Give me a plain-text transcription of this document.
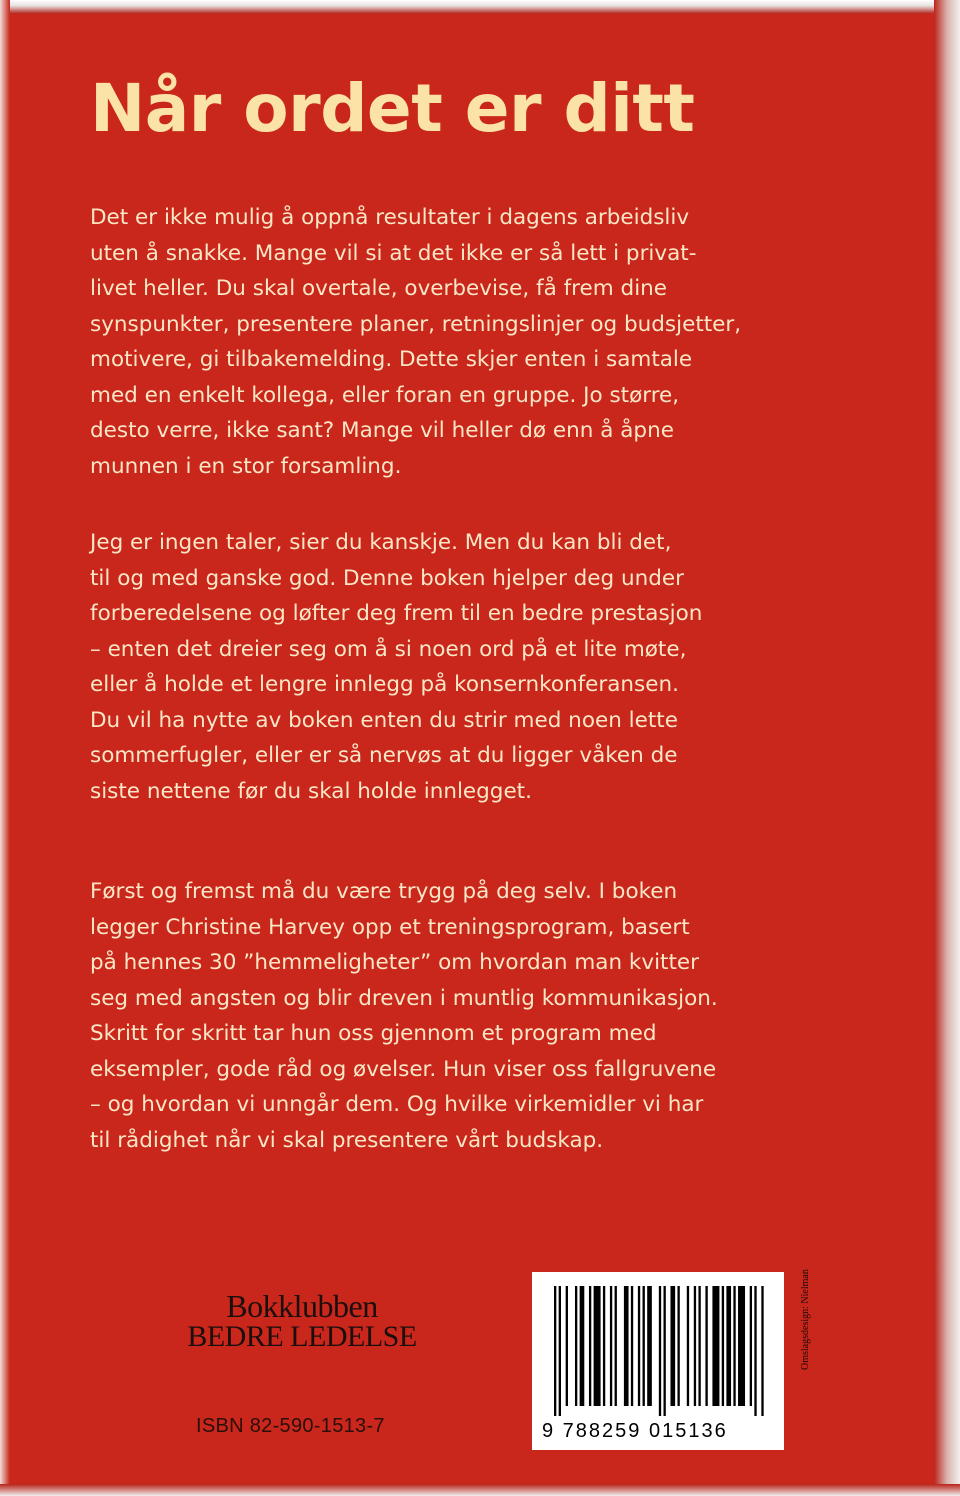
Når ordet er ditt
Det er ikke mulig å oppnå resultater i dagens arbeidsliv
uten å snakke. Mange vil si at det ikke er så lett i privat-
livet heller. Du skal overtale, overbevise, få frem dine
synspunkter, presentere planer, retningslinjer og budsjetter,
motivere, gi tilbakemelding. Dette skjer enten i samtale
med en enkelt kollega, eller foran en gruppe. Jo større,
desto verre, ikke sant? Mange vil heller dø enn å åpne
munnen i en stor forsamling.
Jeg er ingen taler, sier du kanskje. Men du kan bli det,
til og med ganske god. Denne boken hjelper deg under
forberedelsene og løfter deg frem til en bedre prestasjon
– enten det dreier seg om å si noen ord på et lite møte,
eller å holde et lengre innlegg på konsernkonferansen.
Du vil ha nytte av boken enten du strir med noen lette
sommerfugler, eller er så nervøs at du ligger våken de
siste nettene før du skal holde innlegget.
Først og fremst må du være trygg på deg selv. I boken
legger Christine Harvey opp et treningsprogram, basert
på hennes 30 ”hemmeligheter” om hvordan man kvitter
seg med angsten og blir dreven i muntlig kommunikasjon.
Skritt for skritt tar hun oss gjennom et program med
eksempler, gode råd og øvelser. Hun viser oss fallgruvene
– og hvordan vi unngår dem. Og hvilke virkemidler vi har
til rådighet når vi skal presentere vårt budskap.
Bokklubben
BEDRE LEDELSE
ISBN 82-590-1513-7	9 788259 015136
Omslagsdesign: Nielman
